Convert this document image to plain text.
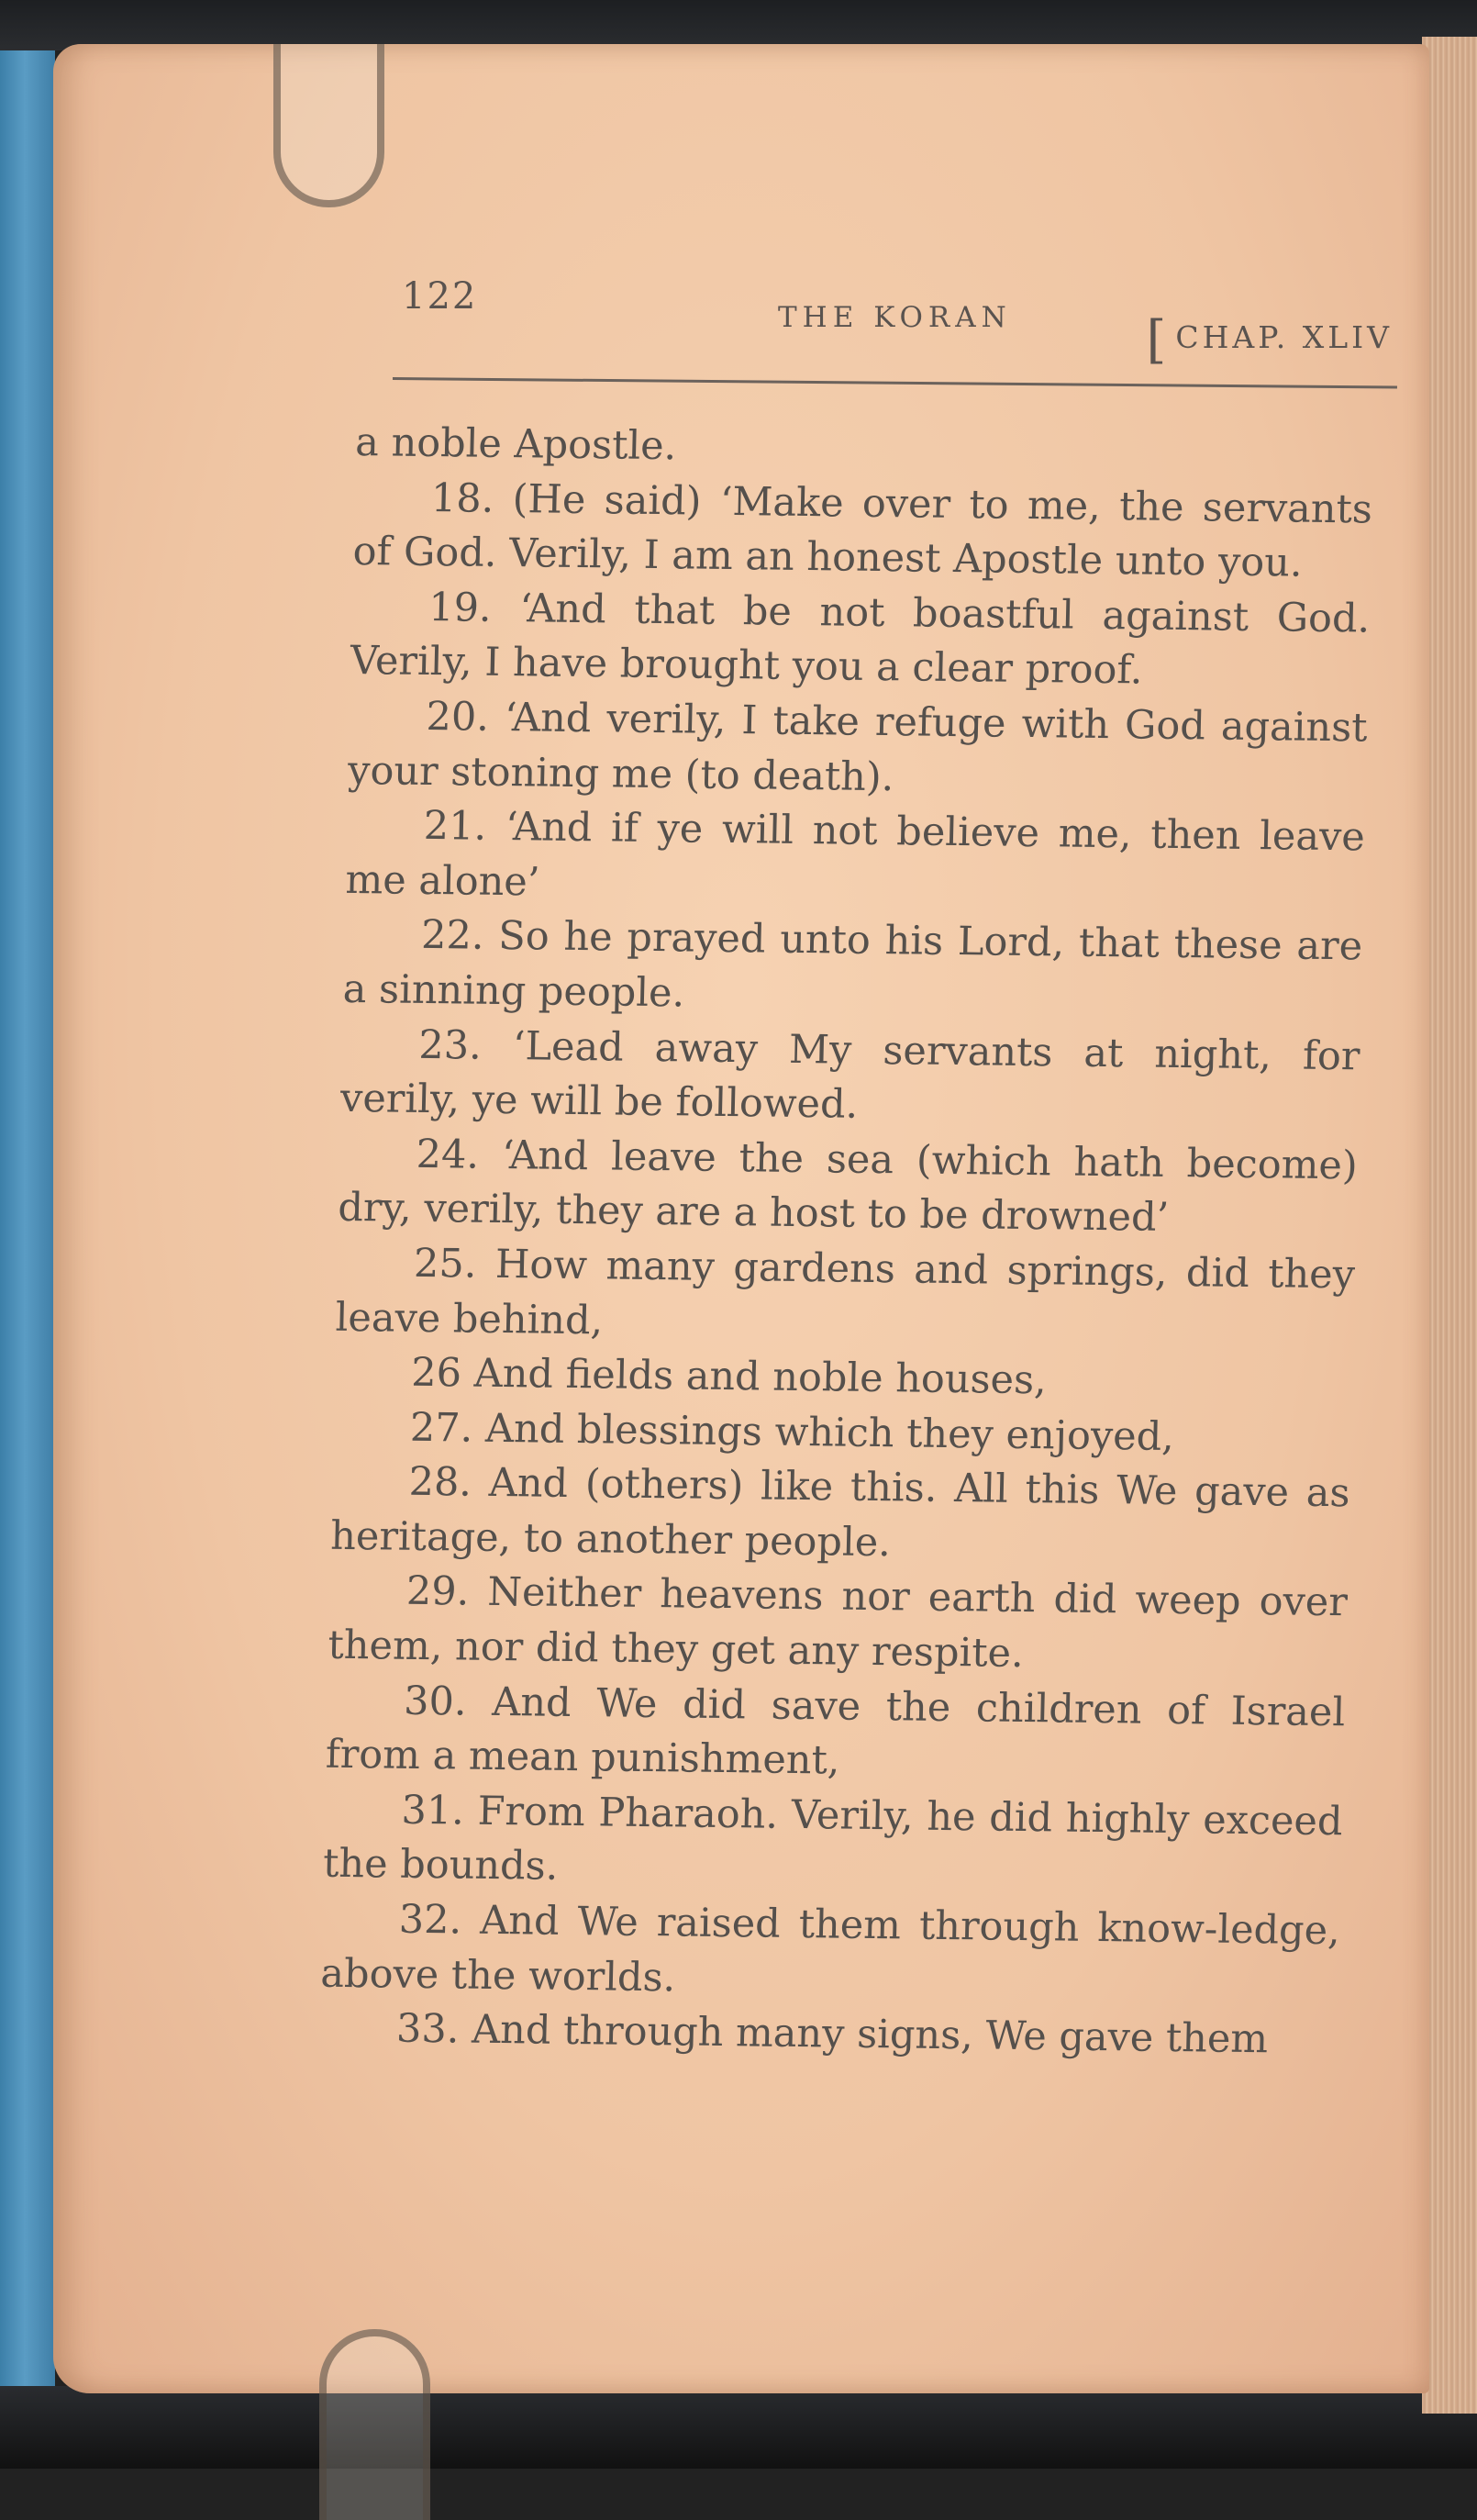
122	THE KORAN	[ CHAP. XLIV

a noble Apostle.

18. (He said) ‘Make over to me, the servants of God. Verily, I am an honest Apostle unto you.

19. ‘And that be not boastful against God. Verily, I have brought you a clear proof.

20. ‘And verily, I take refuge with God against your stoning me (to death).

21. ‘And if ye will not believe me, then leave me alone’

22. So he prayed unto his Lord, that these are a sinning people.

23. ‘Lead away My servants at night, for verily, ye will be followed.

24. ‘And leave the sea (which hath become) dry, verily, they are a host to be drowned’

25. How many gardens and springs, did they leave behind,

26 And fields and noble houses,

27. And blessings which they enjoyed,

28. And (others) like this. All this We gave as heritage, to another people.

29. Neither heavens nor earth did weep over them, nor did they get any respite.

30. And We did save the children of Israel from a mean punishment,

31. From Pharaoh. Verily, he did highly exceed the bounds.

32. And We raised them through know-ledge, above the worlds.

33. And through many signs, We gave them
